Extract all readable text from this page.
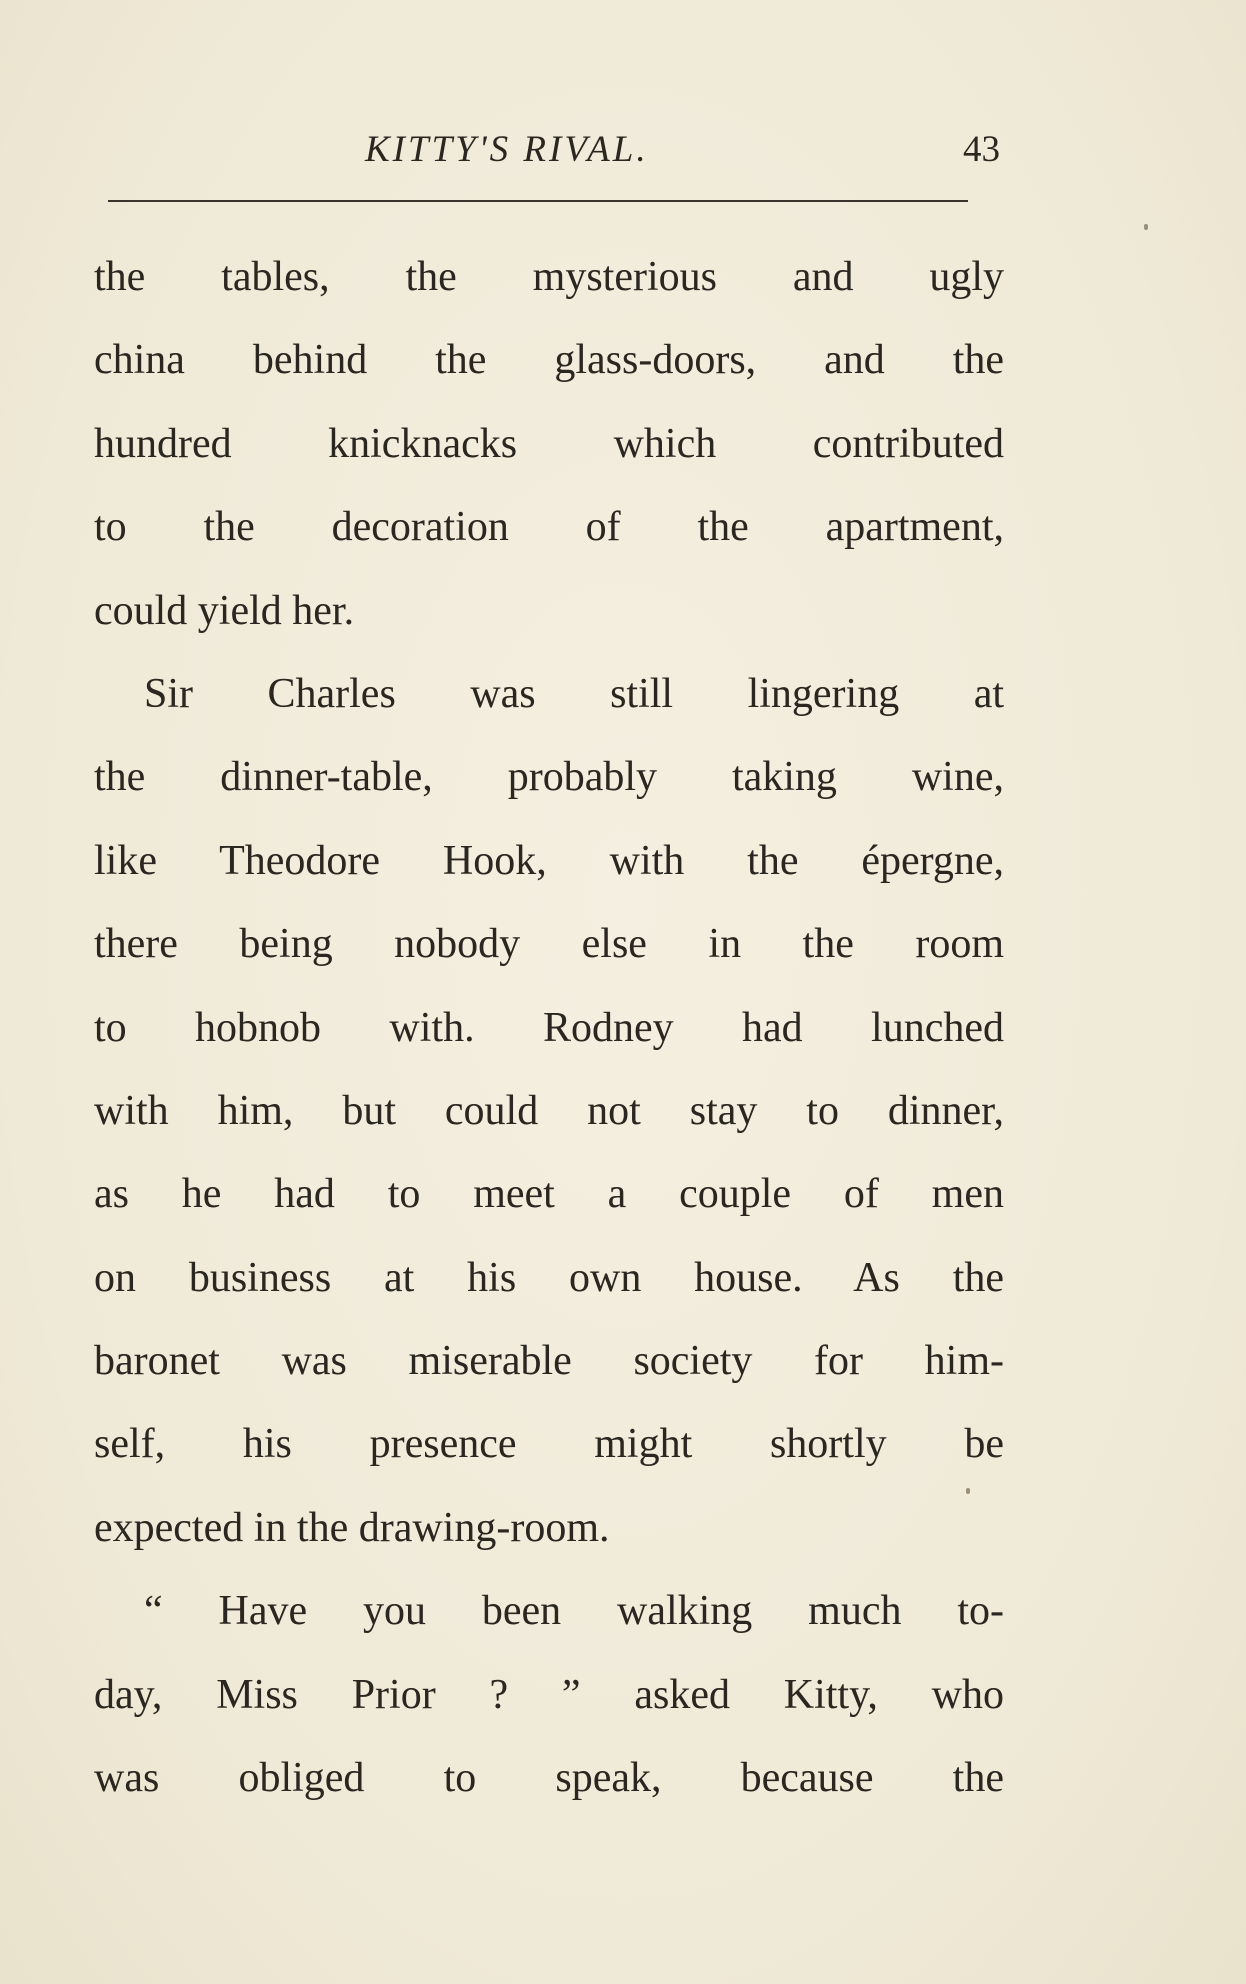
KITTY'S RIVAL.	43
the tables, the mysterious and ugly
china behind the glass-doors, and the
hundred knicknacks which contributed
to the decoration of the apartment,
could yield her.
Sir Charles was still lingering at
the dinner-table, probably taking wine,
like Theodore Hook, with the épergne,
there being nobody else in the room
to hobnob with. Rodney had lunched
with him, but could not stay to dinner,
as he had to meet a couple of men
on business at his own house. As the
baronet was miserable society for him-
self, his presence might shortly be
expected in the drawing-room.
“ Have you been walking much to-
day, Miss Prior ? ” asked Kitty, who
was obliged to speak, because the
